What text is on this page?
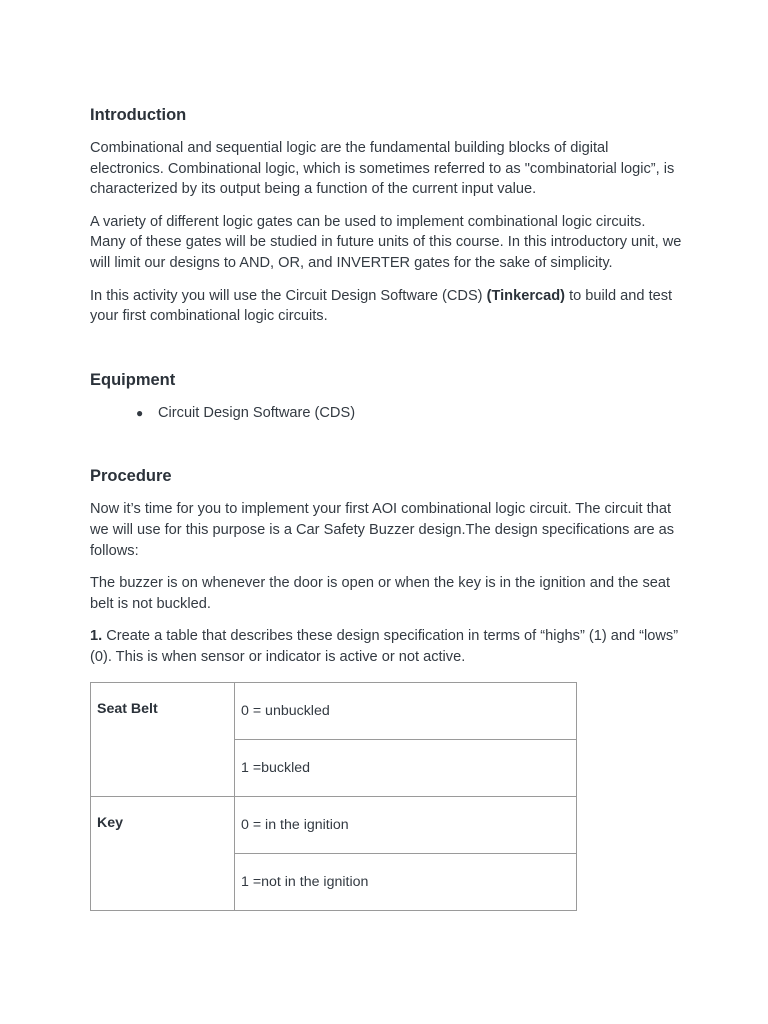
Introduction

Combinational and sequential logic are the fundamental building blocks of digital electronics. Combinational logic, which is sometimes referred to as "combinatorial logic”, is characterized by its output being a function of the current input value.

A variety of different logic gates can be used to implement combinational logic circuits. Many of these gates will be studied in future units of this course. In this introductory unit, we will limit our designs to AND, OR, and INVERTER gates for the sake of simplicity.

In this activity you will use the Circuit Design Software (CDS) (Tinkercad) to build and test your first combinational logic circuits.

Equipment
● Circuit Design Software (CDS)
Procedure

Now it’s time for you to implement your first AOI combinational logic circuit. The circuit that we will use for this purpose is a Car Safety Buzzer design.The design specifications are as follows:

The buzzer is on whenever the door is open or when the key is in the ignition and the seat belt is not buckled.

1. Create a table that describes these design specification in terms of “highs” (1) and “lows” (0). This is when sensor or indicator is active or not active.

Seat Belt	0 = unbuckled
	1 =buckled
Key	0 = in the ignition
	1 =not in the ignition
